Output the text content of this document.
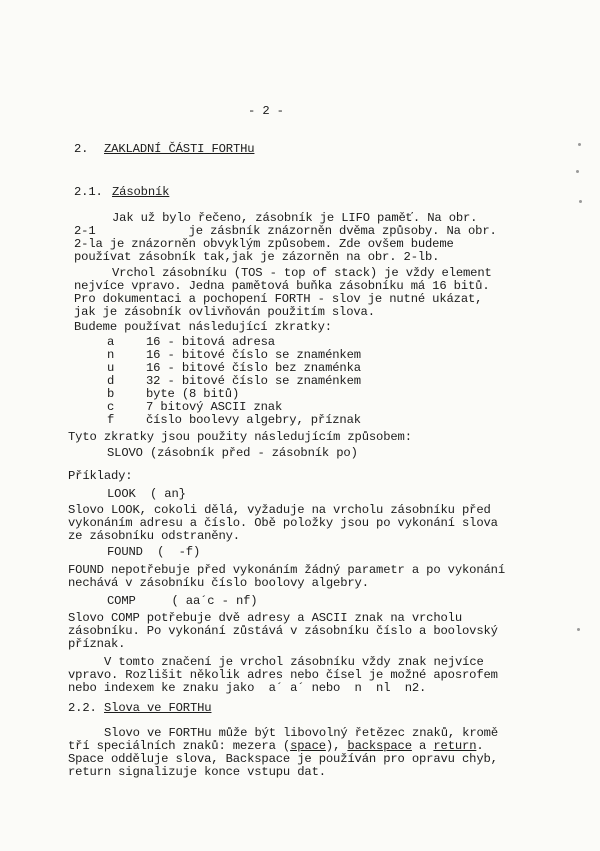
- 2 -
2. ZAKLADNÍ ČÁSTI FORTHu
2.1. Zásobník
Jak už bylo řečeno, zásobník je LIFO paměť. Na obr.
2-1             je zásbník znázorněn dvěma způsoby. Na obr.
2-la je znázorněn obvyklým způsobem. Zde ovšem budeme
používat zásobník tak,jak je zázorněn na obr. 2-lb.
Vrchol zásobníku (TOS - top of stack) je vždy element
nejvíce vpravo. Jedna pamětová buňka zásobníku má 16 bitů.
Pro dokumentaci a pochopení FORTH - slov je nutné ukázat,
jak je zásobník ovlivňován použitím slova.
Budeme používat následující zkratky:
a	16 - bitová adresa
n	16 - bitové číslo se znaménkem
u	16 - bitové číslo bez znaménka
d	32 - bitové číslo se znaménkem
b	byte (8 bitů)
c	7 bitový ASCII znak
f	číslo boolevy algebry, příznak
Tyto zkratky jsou použity následujícím způsobem:
SLOVO (zásobník před - zásobník po)
Příklady:
LOOK  ( an}
Slovo LOOK, cokoli dělá, vyžaduje na vrcholu zásobníku před
vykonáním adresu a číslo. Obě položky jsou po vykonání slova
ze zásobníku odstraněny.
FOUND  (  -f)
FOUND nepotřebuje před vykonáním žádný parametr a po vykonání
nechává v zásobníku číslo boolovy algebry.
COMP     ( aa´c - nf)
Slovo COMP potřebuje dvě adresy a ASCII znak na vrcholu
zásobníku. Po vykonání zůstává v zásobníku číslo a boolovský
příznak.
V tomto značení je vrchol zásobníku vždy znak nejvíce
vpravo. Rozlišit několik adres nebo čísel je možné aposrofem
nebo indexem ke znaku jako  a´ a´ nebo  n  nl  n2.
2.2. Slova ve FORTHu
Slovo ve FORTHu může být libovolný řetězec znaků, kromě
tří speciálních znaků: mezera (space), backspace a return.
Space odděluje slova, Backspace je používán pro opravu chyb,
return signalizuje konce vstupu dat.
